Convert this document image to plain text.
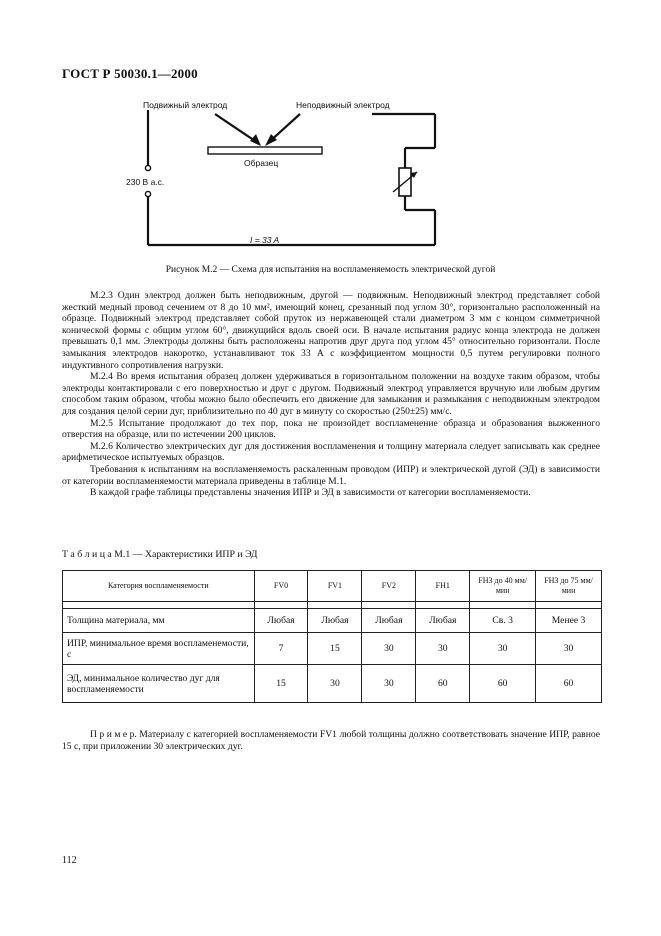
ГОСТ Р 50030.1—2000
Подвижный электрод	Неподвижный электрод
Образец
230 В а.с.
I = 33 A
Рисунок М.2 — Схема для испытания на воспламеняемость электрической дугой

М.2.3 Один электрод должен быть неподвижным, другой — подвижным. Неподвижный электрод представляет собой жесткий медный провод сечением от 8 до 10 мм², имеющий конец, срезанный под углом 30°, горизонтально расположенный на образце. Подвижный электрод представляет собой пруток из нержавеющей стали диаметром 3 мм с концом симметричной конической формы с общим углом 60°, движущийся вдоль своей оси. В начале испытания радиус конца электрода не должен превышать 0,1 мм. Электроды должны быть расположены напротив друг друга под углом 45° относительно горизонтали. После замыкания электродов накоротко, устанавливают ток 33 А с коэффициентом мощности 0,5 путем регулировки полного индуктивного сопротивления нагрузки.

М.2.4 Во время испытания образец должен удерживаться в горизонтальном положении на воздухе таким образом, чтобы электроды контактировали с его поверхностью и друг с другом. Подвижный электрод управляется вручную или любым другим способом таким образом, чтобы можно было обеспечить его движение для замыкания и размыкания с неподвижным электродом для создания целой серии дуг, приблизительно по 40 дуг в минуту со скоростью (250±25) мм/с.

М.2.5 Испытание продолжают до тех пор, пока не произойдет воспламенение образца и образования выжженного отверстия на образце, или по истечении 200 циклов.

М.2.6 Количество электрических дуг для достижения воспламенения и толщину материала следует записывать как среднее арифметическое испытуемых образцов.

Требования к испытаниям на воспламеняемость раскаленным проводом (ИПР) и электрической дугой (ЭД) в зависимости от категории воспламеняемости материала приведены в таблице М.1.

В каждой графе таблицы представлены значения ИПР и ЭД в зависимости от категории воспламеняемости.

Т а б л и ц а М.1 — Характеристики ИПР и ЭД
Категория воспламеняемости	FV0	FV1	FV2	FH1	FH3 до 40 мм/мин	FH3 до 75 мм/мин

Толщина материала, мм	Любая	Любая	Любая	Любая	Св. 3	Менее 3
ИПР, минимальное время воспламенемости, с	7	15	30	30	30	30
ЭД, минимальное количество дуг для воспламеняемости	15	30	30	60	60	60

П р и м е р. Материалу с категорией воспламеняемости FV1 любой толщины должно соответствовать значение ИПР, равное 15 с, при приложении 30 электрических дуг.

112
